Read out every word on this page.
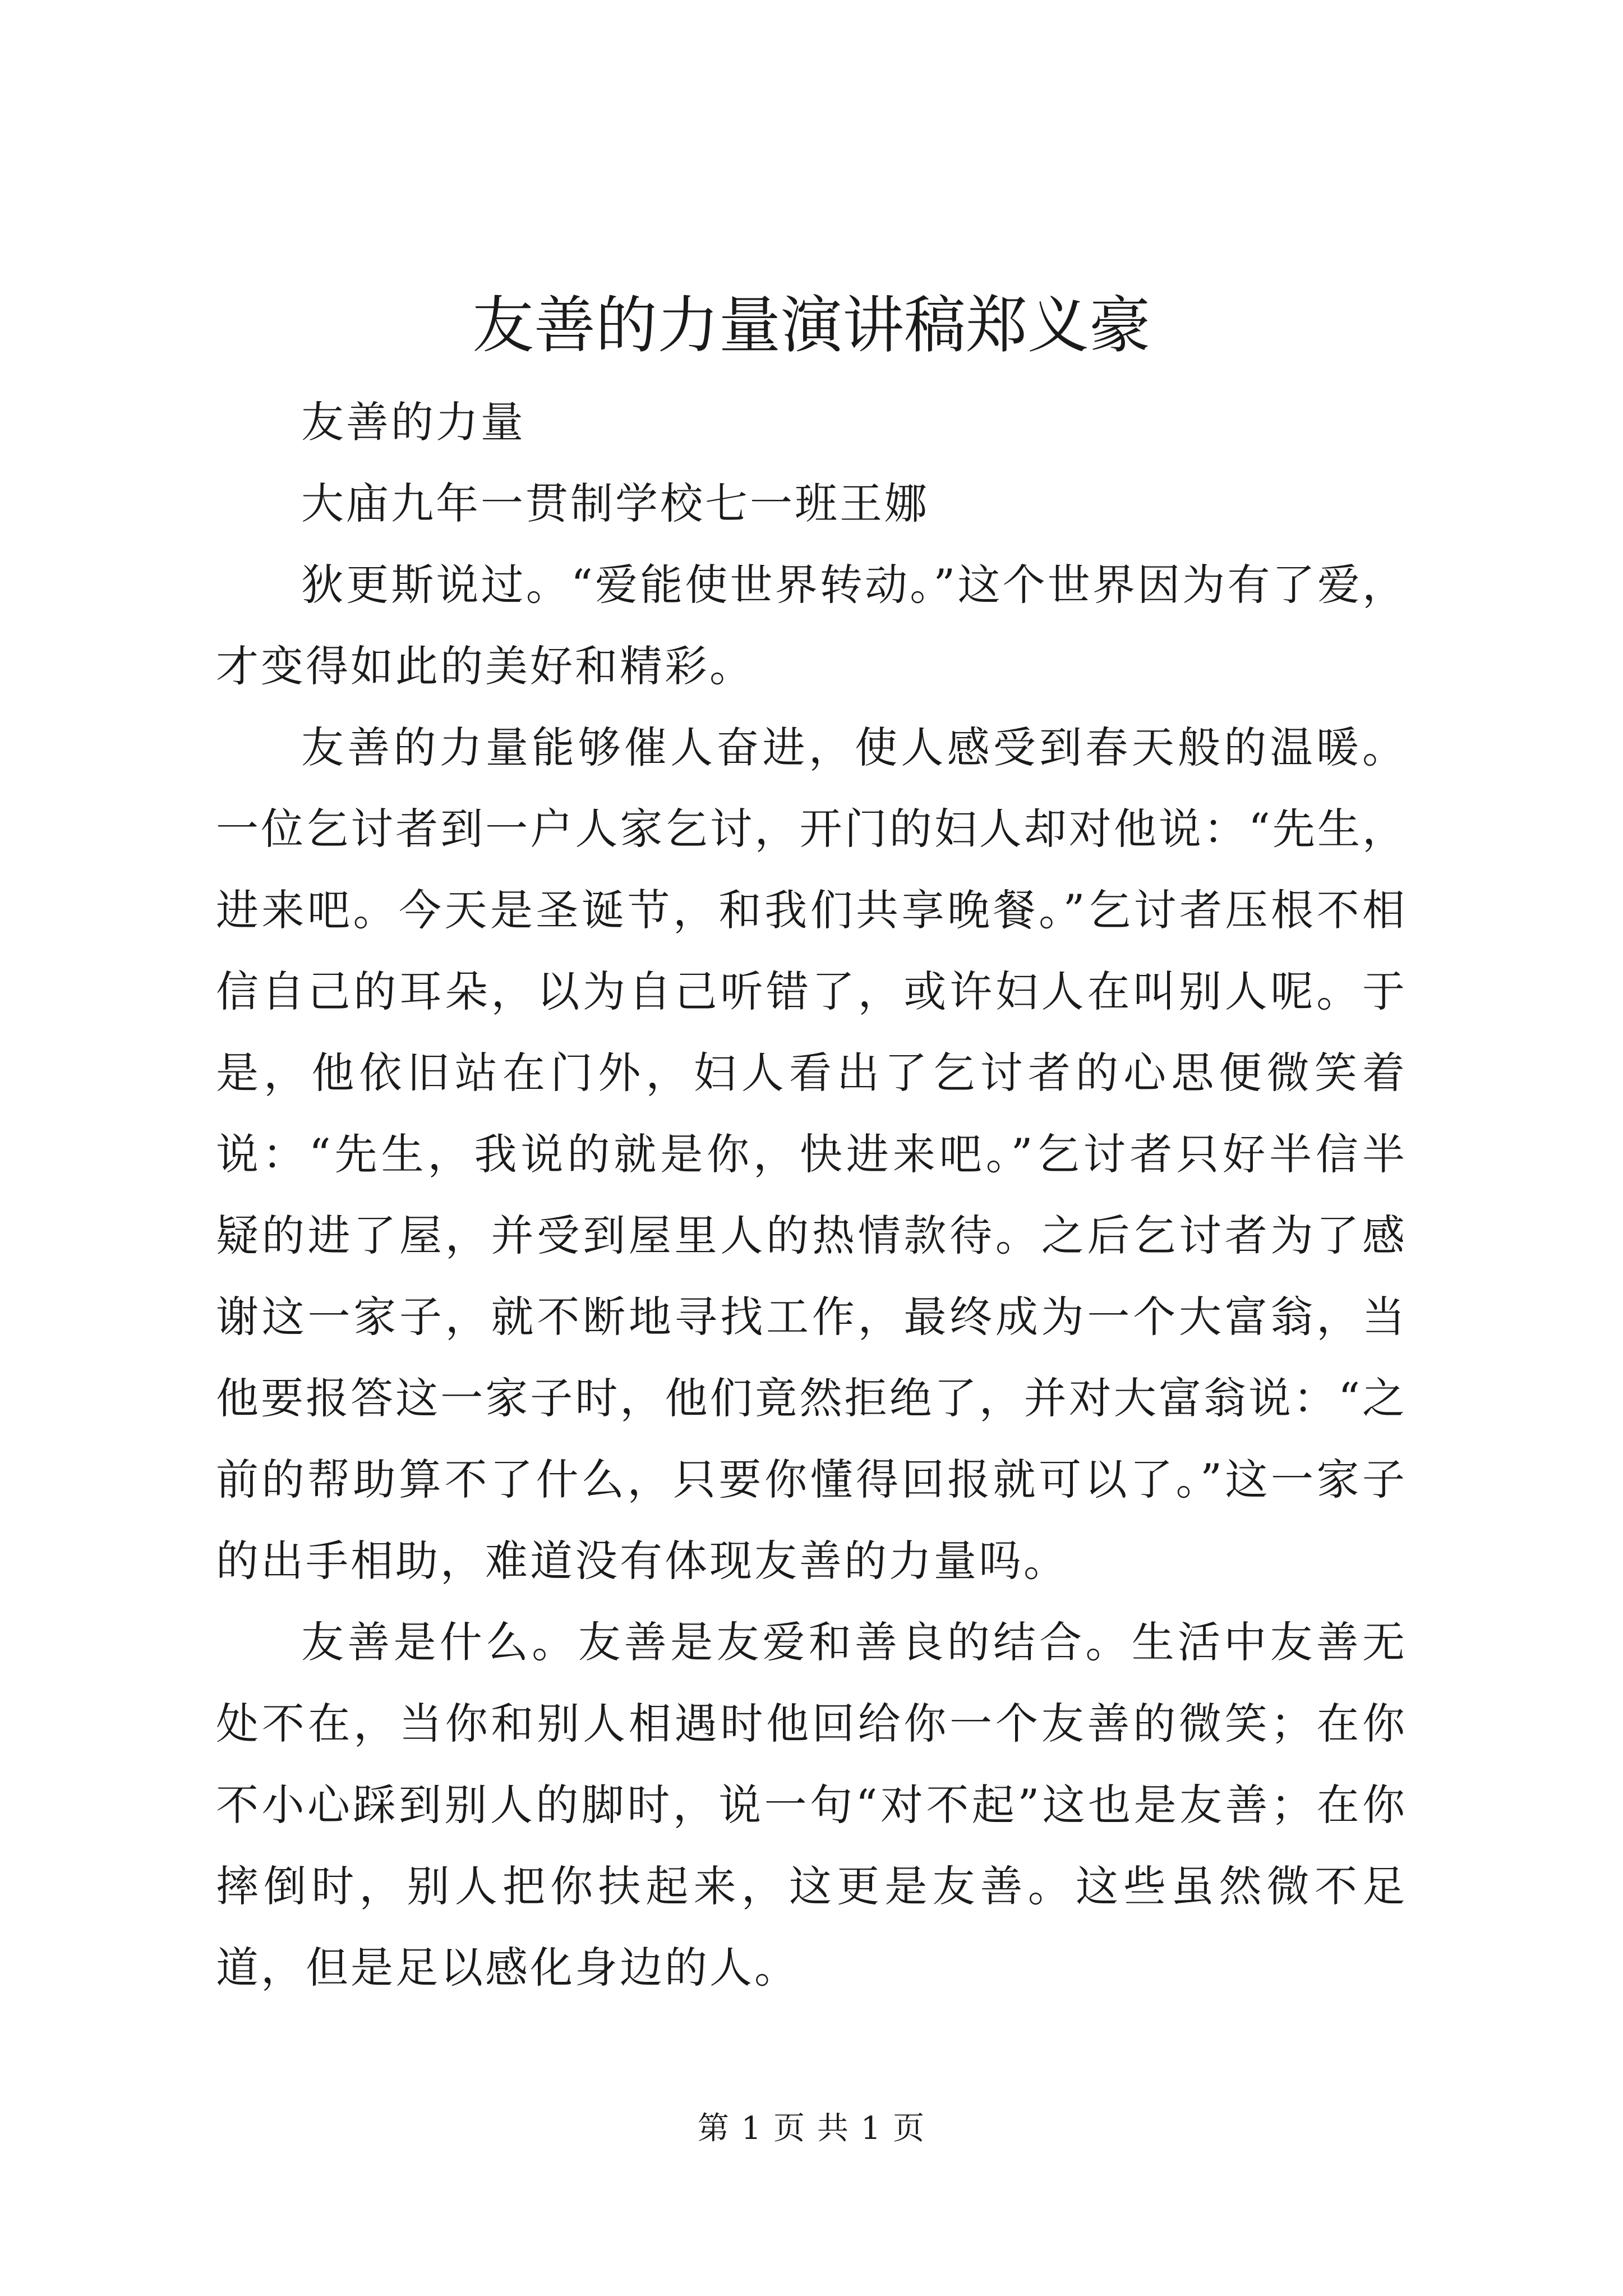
友善的力量演讲稿郑义豪

友善的力量

大庙九年一贯制学校七一班王娜

狄更斯说过。“爱能使世界转动。”这个世界因为有了爱，才变得如此的美好和精彩。

友善的力量能够催人奋进，使人感受到春天般的温暖。一位乞讨者到一户人家乞讨，开门的妇人却对他说：“先生，进来吧。今天是圣诞节，和我们共享晚餐。”乞讨者压根不相信自己的耳朵，以为自己听错了，或许妇人在叫别人呢。于是，他依旧站在门外，妇人看出了乞讨者的心思便微笑着说：“先生，我说的就是你，快进来吧。”乞讨者只好半信半疑的进了屋，并受到屋里人的热情款待。之后乞讨者为了感谢这一家子，就不断地寻找工作，最终成为一个大富翁，当他要报答这一家子时，他们竟然拒绝了，并对大富翁说：“之前的帮助算不了什么，只要你懂得回报就可以了。”这一家子的出手相助，难道没有体现友善的力量吗。

友善是什么。友善是友爱和善良的结合。生活中友善无处不在，当你和别人相遇时他回给你一个友善的微笑；在你不小心踩到别人的脚时，说一句“对不起”这也是友善；在你摔倒时，别人把你扶起来，这更是友善。这些虽然微不足道，但是足以感化身边的人。

第 1 页 共 1 页
